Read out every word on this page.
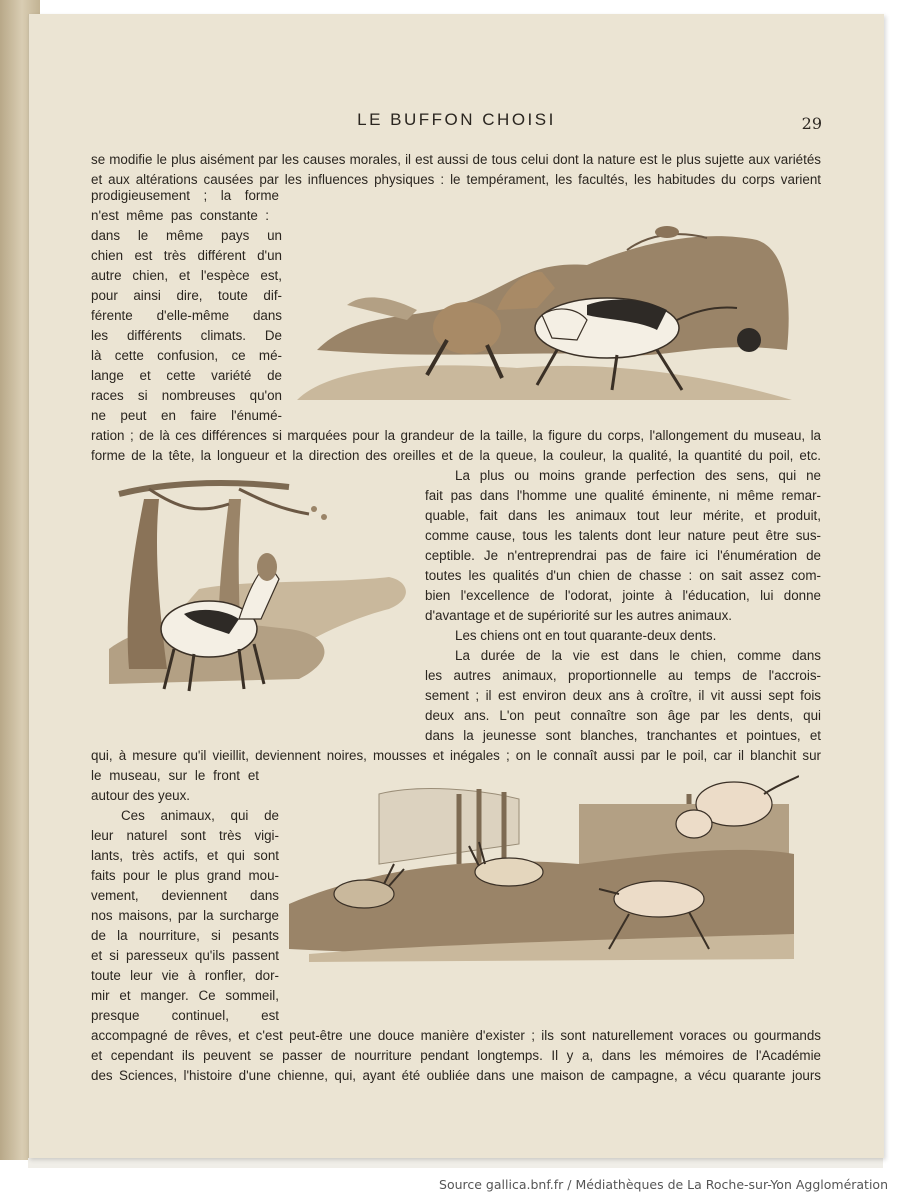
LE BUFFON CHOISI	29
se modifie le plus aisément par les causes morales, il est aussi de tous celui dont la nature est le plus sujette aux variétés
et aux altérations causées par les influences physiques : le tempérament, les facultés, les habitudes du corps varient
prodigieusement ; la forme
n'est même pas constante :
dans le même pays un
chien est très différent d'un
autre chien, et l'espèce est,
pour ainsi dire, toute dif-
férente d'elle-même dans
les différents climats. De
là cette confusion, ce mé-
lange et cette variété de
races si nombreuses qu'on
ne peut en faire l'énumé-
ration ; de là ces différences si marquées pour la grandeur de la taille, la figure du corps, l'allongement du museau, la
forme de la tête, la longueur et la direction des oreilles et de la queue, la couleur, la qualité, la quantité du poil, etc.
La plus ou moins grande perfection des sens, qui ne
fait pas dans l'homme une qualité éminente, ni même remar-
quable, fait dans les animaux tout leur mérite, et produit,
comme cause, tous les talents dont leur nature peut être sus-
ceptible. Je n'entreprendrai pas de faire ici l'énumération de
toutes les qualités d'un chien de chasse : on sait assez com-
bien l'excellence de l'odorat, jointe à l'éducation, lui donne
d'avantage et de supériorité sur les autres animaux.
Les chiens ont en tout quarante-deux dents.
La durée de la vie est dans le chien, comme dans
les autres animaux, proportionnelle au temps de l'accrois-
sement ; il est environ deux ans à croître, il vit aussi sept fois
deux ans. L'on peut connaître son âge par les dents, qui
dans la jeunesse sont blanches, tranchantes et pointues, et
qui, à mesure qu'il vieillit, deviennent noires, mousses et inégales ; on le connaît aussi par le poil, car il blanchit sur
le museau, sur le front et
autour des yeux.
Ces animaux, qui de
leur naturel sont très vigi-
lants, très actifs, et qui sont
faits pour le plus grand mou-
vement, deviennent dans
nos maisons, par la surcharge
de la nourriture, si pesants
et si paresseux qu'ils passent
toute leur vie à ronfler, dor-
mir et manger. Ce sommeil,
presque continuel, est
accompagné de rêves, et c'est peut-être une douce manière d'exister ; ils sont naturellement voraces ou gourmands
et cependant ils peuvent se passer de nourriture pendant longtemps. Il y a, dans les mémoires de l'Académie
des Sciences, l'histoire d'une chienne, qui, ayant été oubliée dans une maison de campagne, a vécu quarante jours
Source gallica.bnf.fr / Médiathèques de La Roche-sur-Yon Agglomération
